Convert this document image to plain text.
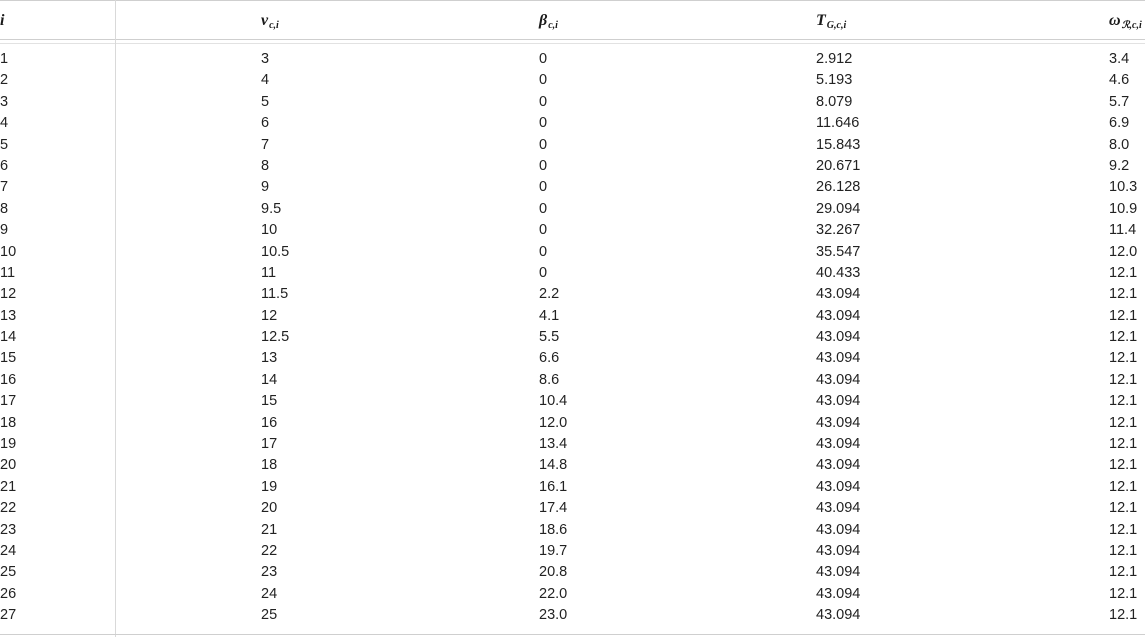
i	$v_{c,i}$	$\beta_{c,i}$	$T_{G,c,i}$	$\omega_{ℛ,c,i}$
1	3	0	2.912	3.4
2	4	0	5.193	4.6
3	5	0	8.079	5.7
4	6	0	11.646	6.9
5	7	0	15.843	8.0
6	8	0	20.671	9.2
7	9	0	26.128	10.3
8	9.5	0	29.094	10.9
9	10	0	32.267	11.4
10	10.5	0	35.547	12.0
11	11	0	40.433	12.1
12	11.5	2.2	43.094	12.1
13	12	4.1	43.094	12.1
14	12.5	5.5	43.094	12.1
15	13	6.6	43.094	12.1
16	14	8.6	43.094	12.1
17	15	10.4	43.094	12.1
18	16	12.0	43.094	12.1
19	17	13.4	43.094	12.1
20	18	14.8	43.094	12.1
21	19	16.1	43.094	12.1
22	20	17.4	43.094	12.1
23	21	18.6	43.094	12.1
24	22	19.7	43.094	12.1
25	23	20.8	43.094	12.1
26	24	22.0	43.094	12.1
27	25	23.0	43.094	12.1
